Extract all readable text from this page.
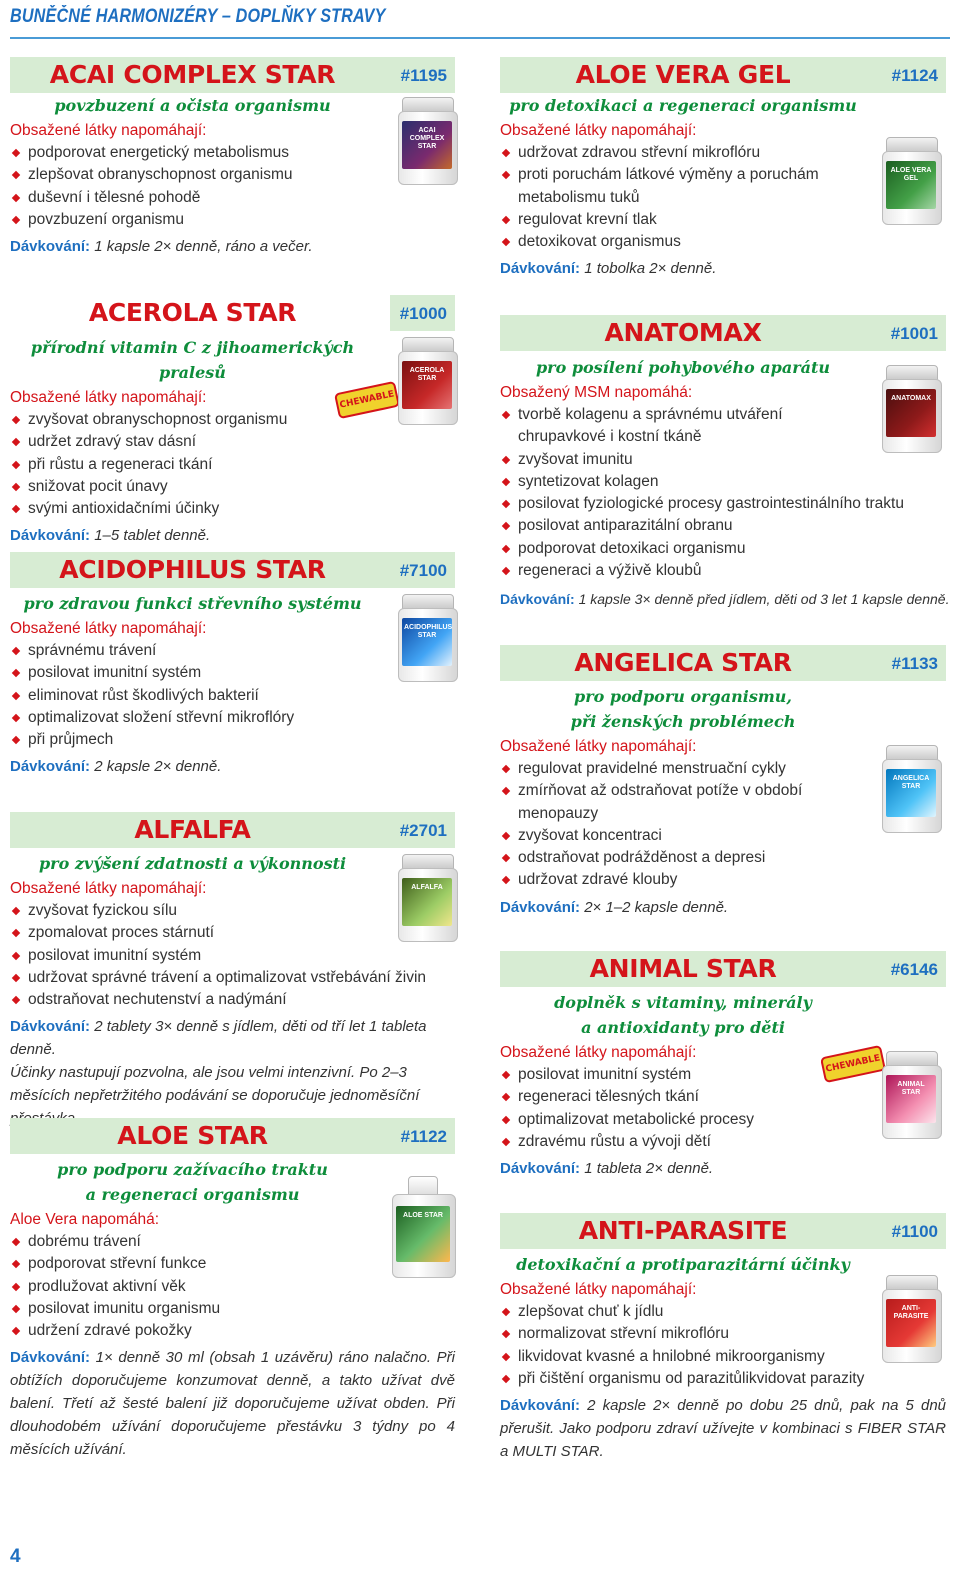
BUNĚČNÉ HARMONIZÉRY – DOPLŇKY STRAVY
ACAI COMPLEX STAR	#1195
povzbuzení a očista organismu
Obsažené látky napomáhají:
podporovat energetický metabolismus
zlepšovat obranyschopnost organismu
duševní i tělesné pohodě
povzbuzení organismu
Dávkování: 1 kapsle 2× denně, ráno a večer.
ACAI COMPLEX STAR
ACEROLA STAR	#1000
přírodní vitamin C z jihoamerických pralesů
Obsažené látky napomáhají:
zvyšovat obranyschopnost organismu
udržet zdravý stav dásní
při růstu a regeneraci tkání
snižovat pocit únavy
svými antioxidačními účinky
Dávkování: 1–5 tablet denně.
CHEWABLE
ACEROLA STAR
ACIDOPHILUS STAR	#7100
pro zdravou funkci střevního systému
Obsažené látky napomáhají:
správnému trávení
posilovat imunitní systém
eliminovat růst škodlivých bakterií
optimalizovat složení střevní mikroflóry
při průjmech
Dávkování: 2 kapsle 2× denně.
ACIDOPHILUS STAR
ALFALFA	#2701
pro zvýšení zdatnosti a výkonnosti
Obsažené látky napomáhají:
zvyšovat fyzickou sílu
zpomalovat proces stárnutí
posilovat imunitní systém
udržovat správné trávení a optimalizovat vstřebávání živin
odstraňovat nechutenství a nadýmání
Dávkování: 2 tablety 3× denně s jídlem, děti od tří let 1 tableta denně.
Účinky nastupují pozvolna, ale jsou velmi intenzivní. Po 2–3 měsících nepřetržitého podávání se doporučuje jednoměsíční
ALFALFA
ALOE STAR	#1122
pro podporu zažívacího traktu
a regeneraci organismu
Aloe Vera napomáhá:
dobrému trávení
podporovat střevní funkce
prodlužovat aktivní věk
posilovat imunitu organismu
udržení zdravé pokožky
Dávkování: 1× denně 30 ml (obsah 1 uzávěru) ráno nalačno. Při obtížích doporučujeme konzumovat denně, a takto užívat dvě balení. Třetí až šesté balení již doporučujeme užívat obden. Při dlouhodobém užívání doporučujeme přestávku 3 týdny po 4 měsících užívání.
ALOE STAR
ALOE VERA GEL	#1124
pro detoxikaci a regeneraci organismu
Obsažené látky napomáhají:
udržovat zdravou střevní mikroflóru
proti poruchám látkové výměny a poruchám metabolismu tuků
regulovat krevní tlak
detoxikovat organismus
Dávkování: 1 tobolka 2× denně.
ALOE VERA GEL
ANATOMAX	#1001
pro posílení pohybového aparátu
Obsažený MSM napomáhá:
tvorbě kolagenu a správnému utváření chrupavkové i kostní tkáně
zvyšovat imunitu
syntetizovat kolagen
posilovat fyziologické procesy gastrointestinálního traktu
posilovat antiparazitální obranu
podporovat detoxikaci organismu
regeneraci a výživě kloubů
Dávkování: 1 kapsle 3× denně před jídlem, děti od 3 let 1 kapsle denně.
ANATOMAX
ANGELICA STAR	#1133
pro podporu organismu,
při ženských problémech
Obsažené látky napomáhají:
regulovat pravidelné menstruační cykly
zmírňovat až odstraňovat potíže v období menopauzy
zvyšovat koncentraci
odstraňovat podrážděnost a depresi
udržovat zdravé klouby
Dávkování: 2× 1–2 kapsle denně.
ANGELICA STAR
ANIMAL STAR	#6146
doplněk s vitaminy, minerály
a antioxidanty pro děti
Obsažené látky napomáhají:
posilovat imunitní systém
regeneraci tělesných tkání
optimalizovat metabolické procesy
zdravému růstu a vývoji dětí
Dávkování: 1 tableta 2× denně.
CHEWABLE
ANIMAL STAR
ANTI-PARASITE	#1100
detoxikační a protiparazitární účinky
Obsažené látky napomáhají:
zlepšovat chuť k jídlu
normalizovat střevní mikroflóru
likvidovat kvasné a hnilobné mikroorganismy
při čištění organismu od parazitůlikvidovat parazity
Dávkování: 2 kapsle 2× denně po dobu 25 dnů, pak na 5 dnů přerušit. Jako podporu zdraví užívejte v kombinaci s FIBER STAR a MULTI STAR.
ANTI-PARASITE
4
